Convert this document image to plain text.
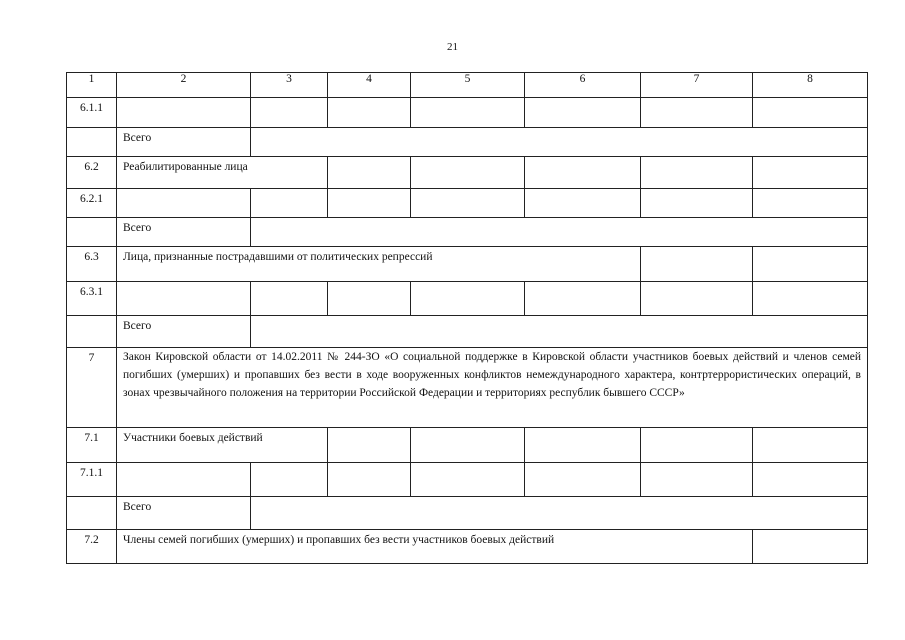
21
1	2	3	4	5	6	7	8
6.1.1							
	Всего						
6.2	Реабилитированные лица						
6.2.1							
	Всего						
6.3	Лица, признанные пострадавшими от политических репрессий						
6.3.1							
	Всего						
7	Закон Кировской области от 14.02.2011 № 244-ЗО «О социальной поддержке в Кировской области участников боевых действий и членов семей погибших (умерших) и пропавших без вести в ходе вооруженных конфликтов немеждународного характера, контртеррористических операций, в зонах чрезвычайного положения на территории Российской Федерации и территориях республик бывшего СССР»						
7.1	Участники боевых действий						
7.1.1							
	Всего						
7.2	Члены семей погибших (умерших) и пропавших без вести участников боевых действий						
